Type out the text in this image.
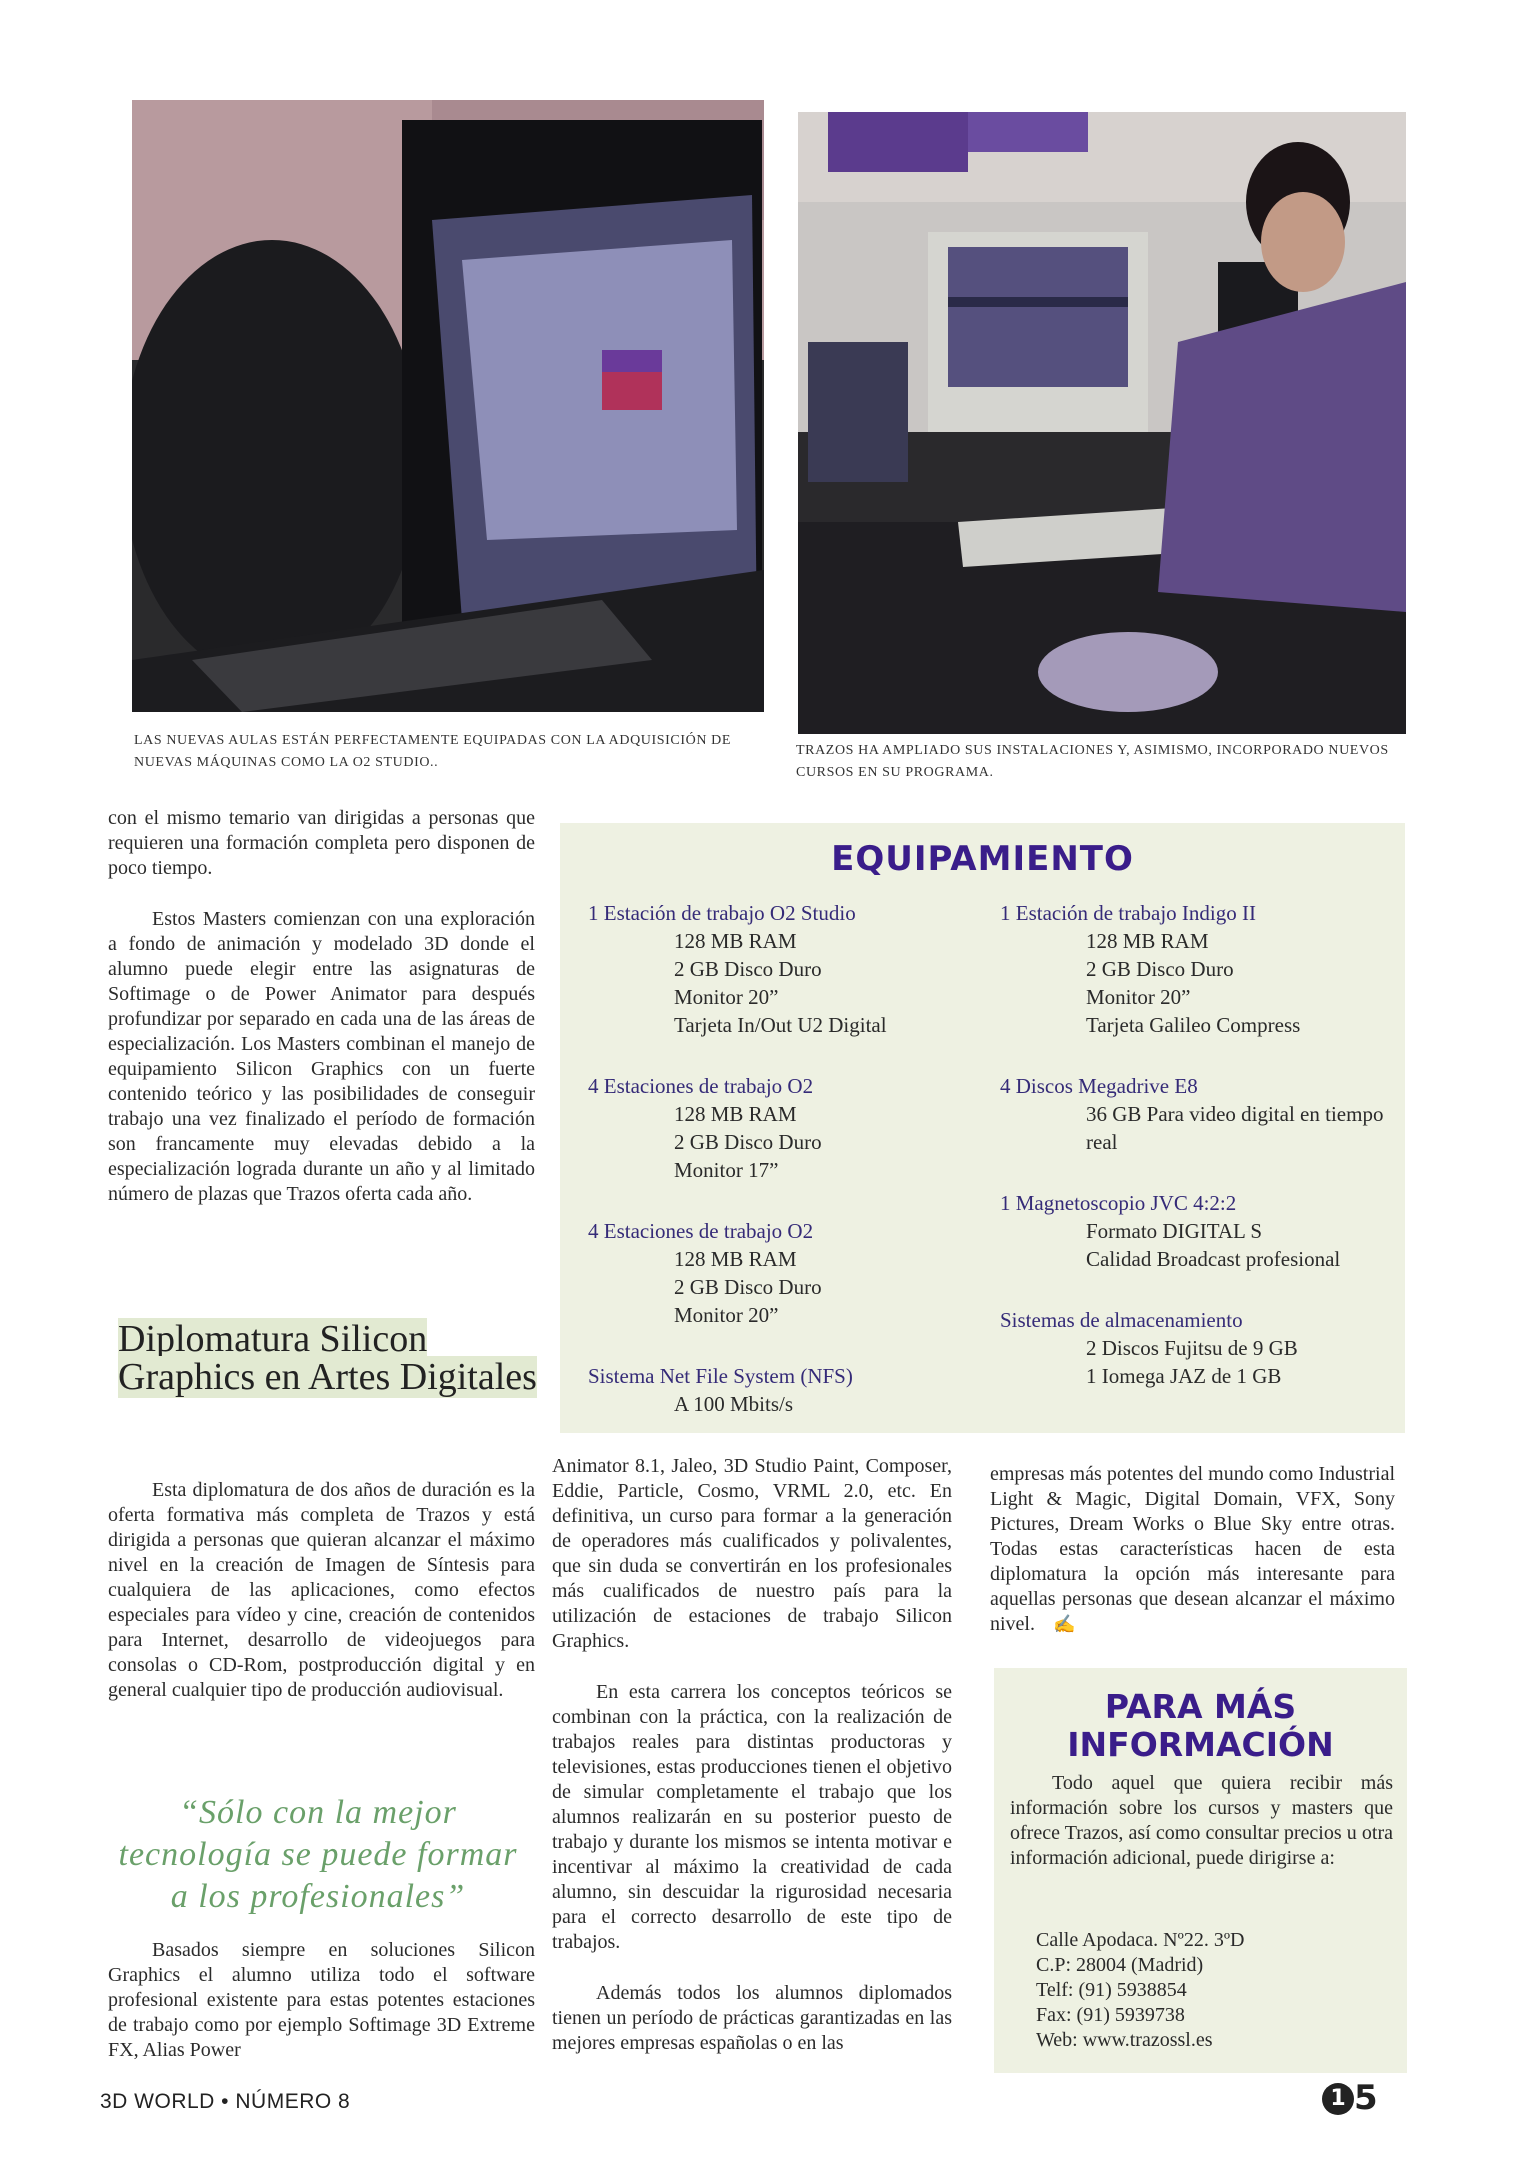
LAS NUEVAS AULAS ESTÁN PERFECTAMENTE EQUIPADAS CON LA ADQUISICIÓN DE NUEVAS MÁQUINAS COMO LA O2 STUDIO..
TRAZOS HA AMPLIADO SUS INSTALACIONES Y, ASIMISMO, INCORPORADO NUEVOS CURSOS EN SU PROGRAMA.

con el mismo temario van dirigidas a personas que requieren una formación completa pero disponen de poco tiempo.

Estos Masters comienzan con una exploración a fondo de animación y modelado 3D donde el alumno puede elegir entre las asignaturas de Softimage o de Power Animator para después profundizar por separado en cada una de las áreas de especialización. Los Masters combinan el manejo de equipamiento Silicon Graphics con un fuerte contenido teórico y las posibilidades de conseguir trabajo una vez finalizado el período de formación son francamente muy elevadas debido a la especialización lograda durante un año y al limitado número de plazas que Trazos oferta cada año.

Diplomatura Silicon Graphics en Artes Digitales

Esta diplomatura de dos años de duración es la oferta formativa más completa de Trazos y está dirigida a personas que quieran alcanzar el máximo nivel en la creación de Imagen de Síntesis para cualquiera de las aplicaciones, como efectos especiales para vídeo y cine, creación de contenidos para Internet, desarrollo de videojuegos para consolas o CD-Rom, postproducción digital y en general cualquier tipo de producción audiovisual.

“Sólo con la mejor tecnología se puede formar a los profesionales”

Basados siempre en soluciones Silicon Graphics el alumno utiliza todo el software profesional existente para estas potentes estaciones de trabajo como por ejemplo Softimage 3D Extreme FX, Alias Power

EQUIPAMIENTO
1 Estación de trabajo O2 Studio
128 MB RAM
2 GB Disco Duro
Monitor 20”
Tarjeta In/Out U2 Digital
4 Estaciones de trabajo O2
128 MB RAM
2 GB Disco Duro
Monitor 17”
4 Estaciones de trabajo O2
128 MB RAM
2 GB Disco Duro
Monitor 20”
Sistema Net File System (NFS)
A 100 Mbits/s
1 Estación de trabajo Indigo II
128 MB RAM
2 GB Disco Duro
Monitor 20”
Tarjeta Galileo Compress
4 Discos Megadrive E8
36 GB Para video digital en tiempo real
1 Magnetoscopio JVC 4:2:2
Formato DIGITAL S
Calidad Broadcast profesional
Sistemas de almacenamiento
2 Discos Fujitsu de 9 GB
1 Iomega JAZ de 1 GB

Animator 8.1, Jaleo, 3D Studio Paint, Composer, Eddie, Particle, Cosmo, VRML 2.0, etc. En definitiva, un curso para formar a la generación de operadores más cualificados y polivalentes, que sin duda se convertirán en los profesionales más cualificados de nuestro país para la utilización de estaciones de trabajo Silicon Graphics.

En esta carrera los conceptos teóricos se combinan con la práctica, con la realización de trabajos reales para distintas productoras y televisiones, estas producciones tienen el objetivo de simular completamente el trabajo que los alumnos realizarán en su posterior puesto de trabajo y durante los mismos se intenta motivar e incentivar al máximo la creatividad de cada alumno, sin descuidar la rigurosidad necesaria para el correcto desarrollo de este tipo de trabajos.

Además todos los alumnos diplomados tienen un período de prácticas garantizadas en las mejores empresas españolas o en las

empresas más potentes del mundo como Industrial Light & Magic, Digital Domain, VFX, Sony Pictures, Dream Works o Blue Sky entre otras. Todas estas características hacen de esta diplomatura la opción más interesante para aquellas personas que desean alcanzar el máximo nivel. ✍

PARA MÁS
INFORMACIÓN
Todo aquel que quiera recibir más información sobre los cursos y masters que ofrece Trazos, así como consultar precios u otra información adicional, puede dirigirse a:
Calle Apodaca. Nº22. 3ºD
C.P: 28004 (Madrid)
Telf: (91) 5938854
Fax: (91) 5939738
Web: www.trazossl.es
3D WORLD • NÚMERO 8	1 5
